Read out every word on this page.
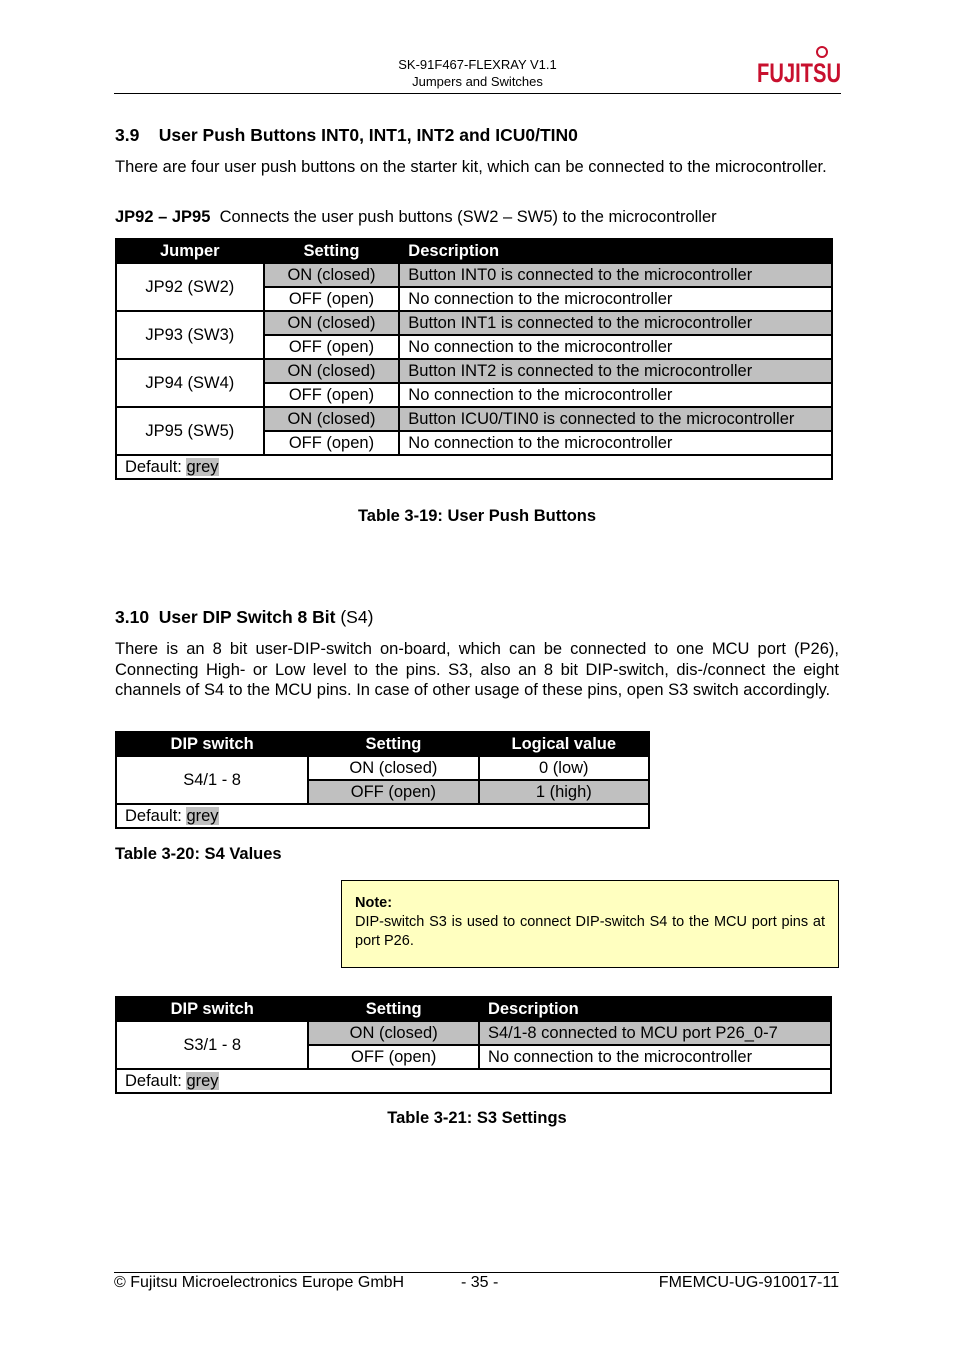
SK-91F467-FLEXRAY V1.1
Jumpers and Switches	FUJITSU
3.9    User Push Buttons INT0, INT1, INT2 and ICU0/TIN0
There are four user push buttons on the starter kit, which can be connected to the microcontroller.
JP92 – JP95 Connects the user push buttons (SW2 – SW5) to the microcontroller
Jumper	Setting	Description
JP92 (SW2)	ON (closed)	Button INT0 is connected to the microcontroller
	OFF (open)	No connection to the microcontroller
JP93 (SW3)	ON (closed)	Button INT1 is connected to the microcontroller
	OFF (open)	No connection to the microcontroller
JP94 (SW4)	ON (closed)	Button INT2 is connected to the microcontroller
	OFF (open)	No connection to the microcontroller
JP95 (SW5)	ON (closed)	Button ICU0/TIN0 is connected to the microcontroller
	OFF (open)	No connection to the microcontroller
Default: grey		
Table 3-19: User Push Buttons
3.10  User DIP Switch 8 Bit (S4)
There is an 8 bit user-DIP-switch on-board, which can be connected to one MCU port (P26), Connecting High- or Low level to the pins. S3, also an 8 bit DIP-switch, dis-/connect the eight channels of S4 to the MCU pins. In case of other usage of these pins, open S3 switch accordingly.
DIP switch	Setting	Logical value
S4/1 - 8	ON (closed)	0 (low)
	OFF (open)	1 (high)
Default: grey		
Table 3-20: S4 Values
Note:
DIP-switch S3 is used to connect DIP-switch S4 to the MCU port pins at port P26.
DIP switch	Setting	Description
S3/1 - 8	ON (closed)	S4/1-8 connected to MCU port P26_0-7
	OFF (open)	No connection to the microcontroller
Default: grey		
Table 3-21: S3 Settings
© Fujitsu Microelectronics Europe GmbH	- 35 -	FMEMCU-UG-910017-11
